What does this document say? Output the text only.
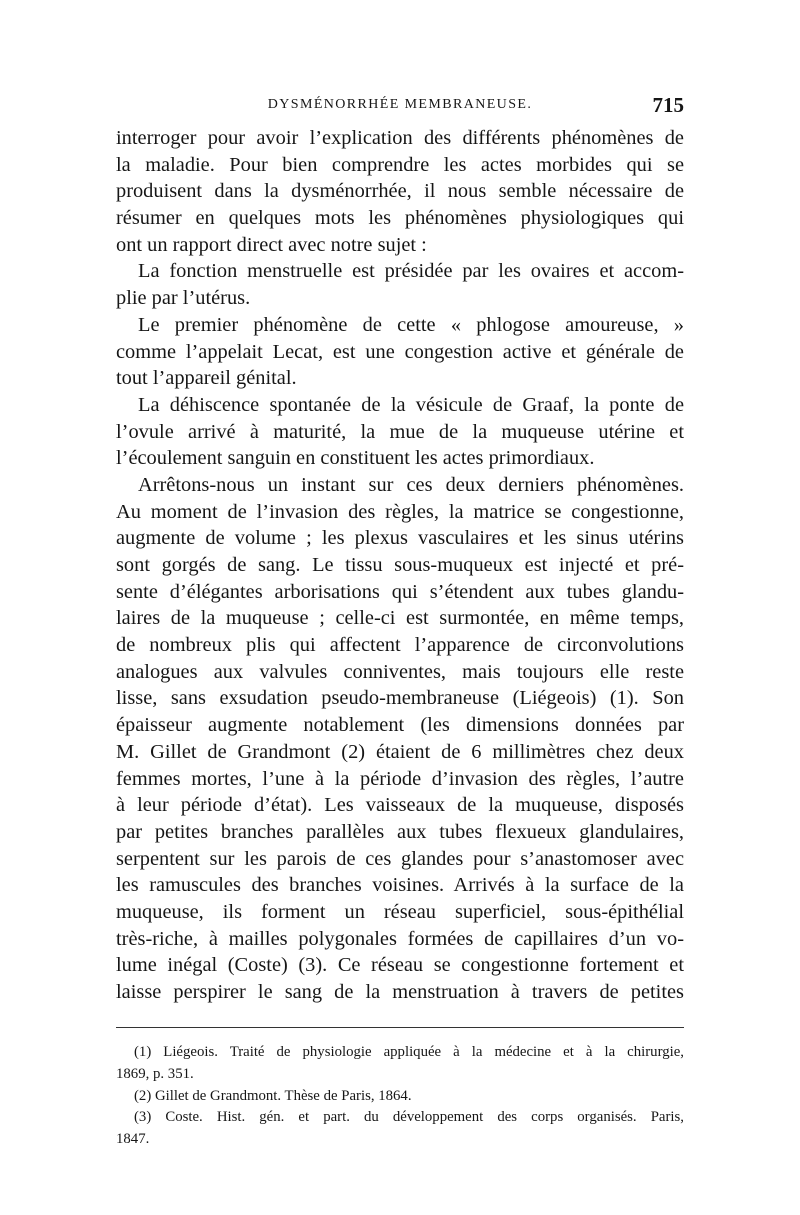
DYSMÉNORRHÉE MEMBRANEUSE.	715
interroger pour avoir l’explication des différents phénomènes de
la maladie. Pour bien comprendre les actes morbides qui se
produisent dans la dysménorrhée, il nous semble nécessaire de
résumer en quelques mots les phénomènes physiologiques qui
ont un rapport direct avec notre sujet :
La fonction menstruelle est présidée par les ovaires et accom-
plie par l’utérus.
Le premier phénomène de cette « phlogose amoureuse, »
comme l’appelait Lecat, est une congestion active et générale de
tout l’appareil génital.
La déhiscence spontanée de la vésicule de Graaf, la ponte de
l’ovule arrivé à maturité, la mue de la muqueuse utérine et
l’écoulement sanguin en constituent les actes primordiaux.
Arrêtons-nous un instant sur ces deux derniers phénomènes.
Au moment de l’invasion des règles, la matrice se congestionne,
augmente de volume ; les plexus vasculaires et les sinus utérins
sont gorgés de sang. Le tissu sous-muqueux est injecté et pré-
sente d’élégantes arborisations qui s’étendent aux tubes glandu-
laires de la muqueuse ; celle-ci est surmontée, en même temps,
de nombreux plis qui affectent l’apparence de circonvolutions
analogues aux valvules conniventes, mais toujours elle reste
lisse, sans exsudation pseudo-membraneuse (Liégeois) (1). Son
épaisseur augmente notablement (les dimensions données par
M. Gillet de Grandmont (2) étaient de 6 millimètres chez deux
femmes mortes, l’une à la période d’invasion des règles, l’autre
à leur période d’état). Les vaisseaux de la muqueuse, disposés
par petites branches parallèles aux tubes flexueux glandulaires,
serpentent sur les parois de ces glandes pour s’anastomoser avec
les ramuscules des branches voisines. Arrivés à la surface de la
muqueuse, ils forment un réseau superficiel, sous-épithélial
très-riche, à mailles polygonales formées de capillaires d’un vo-
lume inégal (Coste) (3). Ce réseau se congestionne fortement et
laisse perspirer le sang de la menstruation à travers de petites
(1) Liégeois. Traité de physiologie appliquée à la médecine et à la chirurgie,
1869, p. 351.
(2) Gillet de Grandmont. Thèse de Paris, 1864.
(3) Coste. Hist. gén. et part. du développement des corps organisés. Paris,
1847.
